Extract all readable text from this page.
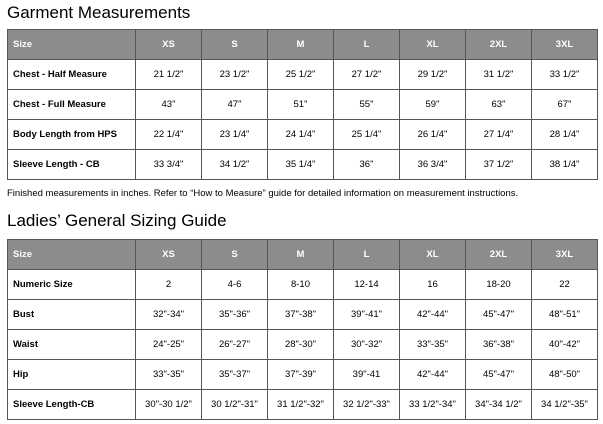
Garment Measurements
Size	XS	S	M	L	XL	2XL	3XL
Chest - Half Measure	21 1/2"	23 1/2"	25 1/2"	27 1/2"	29 1/2"	31 1/2"	33 1/2"
Chest - Full Measure	43"	47"	51"	55"	59"	63"	67"
Body Length from HPS	22 1/4"	23 1/4"	24 1/4"	25 1/4"	26 1/4"	27 1/4"	28 1/4"
Sleeve Length - CB	33 3/4"	34 1/2"	35 1/4"	36"	36 3/4"	37 1/2"	38 1/4"
Finished measurements in inches. Refer to “How to Measure” guide for detailed information on measurement instructions.
Ladies’ General Sizing Guide
Size	XS	S	M	L	XL	2XL	3XL
Numeric Size	2	4-6	8-10	12-14	16	18-20	22
Bust	32"-34"	35"-36"	37"-38"	39"-41"	42"-44"	45"-47"	48"-51"
Waist	24"-25"	26"-27"	28"-30"	30"-32"	33"-35"	36"-38"	40"-42"
Hip	33"-35"	35"-37"	37"-39"	39"-41	42"-44"	45"-47"	48"-50"
Sleeve Length-CB	30"-30 1/2"	30 1/2"-31"	31 1/2"-32"	32 1/2"-33"	33 1/2"-34"	34"-34 1/2"	34 1/2"-35"
